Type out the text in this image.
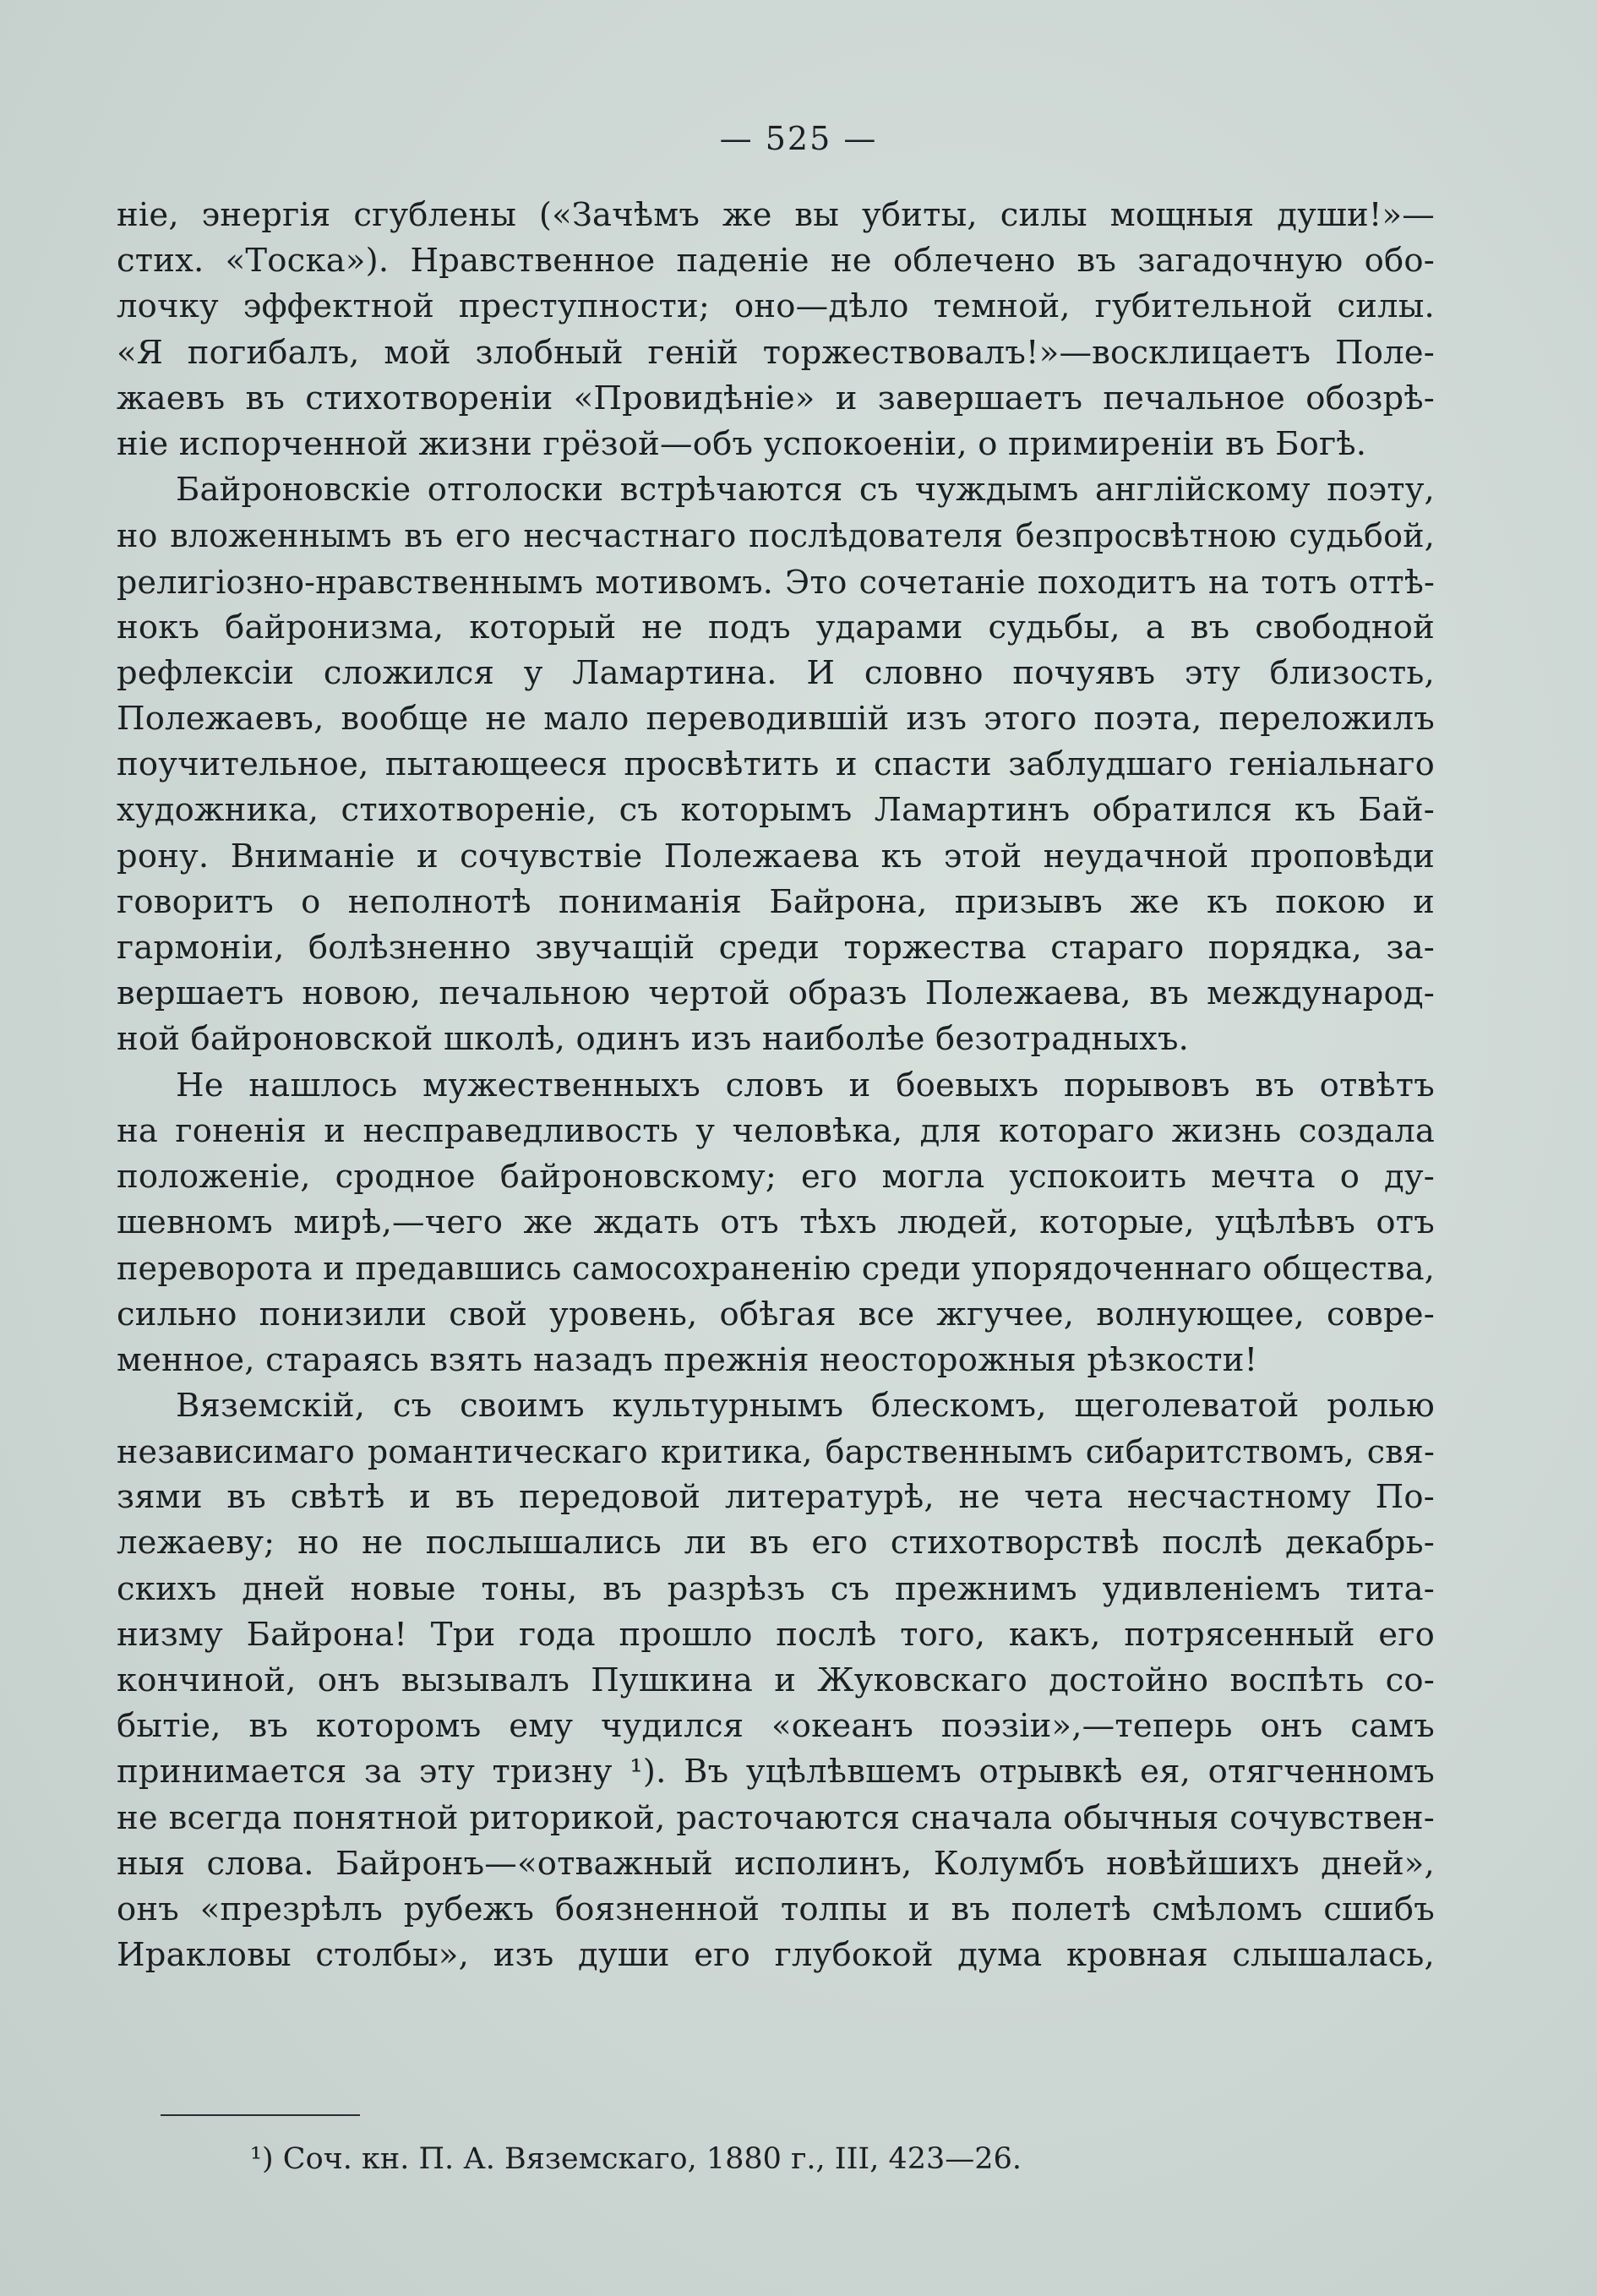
— 525 —
ніе, энергія сгублены («Зачѣмъ же вы убиты, силы мощныя души!»—
стих. «Тоска»). Нравственное паденіе не облечено въ загадочную обо-
лочку эффектной преступности; оно—дѣло темной, губительной силы.
«Я погибалъ, мой злобный геній торжествовалъ!»—восклицаетъ Поле-
жаевъ въ стихотвореніи «Провидѣніе» и завершаетъ печальное обозрѣ-
ніе испорченной жизни грёзой—объ успокоеніи, о примиреніи въ Богѣ.
Байроновскіе отголоски встрѣчаются съ чуждымъ англійскому поэту,
но вложеннымъ въ его несчастнаго послѣдователя безпросвѣтною судьбой,
религіозно-нравственнымъ мотивомъ. Это сочетаніе походитъ на тотъ оттѣ-
нокъ байронизма, который не подъ ударами судьбы, а въ свободной
рефлексіи сложился у Ламартина. И словно почуявъ эту близость,
Полежаевъ, вообще не мало переводившій изъ этого поэта, переложилъ
поучительное, пытающееся просвѣтить и спасти заблудшаго геніальнаго
художника, стихотвореніе, съ которымъ Ламартинъ обратился къ Бай-
рону. Вниманіе и сочувствіе Полежаева къ этой неудачной проповѣди
говоритъ о неполнотѣ пониманія Байрона, призывъ же къ покою и
гармоніи, болѣзненно звучащій среди торжества стараго порядка, за-
вершаетъ новою, печальною чертой образъ Полежаева, въ международ-
ной байроновской школѣ, одинъ изъ наиболѣе безотрадныхъ.
Не нашлось мужественныхъ словъ и боевыхъ порывовъ въ отвѣтъ
на гоненія и несправедливость у человѣка, для котораго жизнь создала
положеніе, сродное байроновскому; его могла успокоить мечта о ду-
шевномъ мирѣ,—чего же ждать отъ тѣхъ людей, которые, уцѣлѣвъ отъ
переворота и предавшись самосохраненію среди упорядоченнаго общества,
сильно понизили свой уровень, обѣгая все жгучее, волнующее, совре-
менное, стараясь взять назадъ прежнія неосторожныя рѣзкости!
Вяземскій, съ своимъ культурнымъ блескомъ, щеголеватой ролью
независимаго романтическаго критика, барственнымъ сибаритствомъ, свя-
зями въ свѣтѣ и въ передовой литературѣ, не чета несчастному По-
лежаеву; но не послышались ли въ его стихотворствѣ послѣ декабрь-
скихъ дней новые тоны, въ разрѣзъ съ прежнимъ удивленіемъ тита-
низму Байрона! Три года прошло послѣ того, какъ, потрясенный его
кончиной, онъ вызывалъ Пушкина и Жуковскаго достойно воспѣть со-
бытіе, въ которомъ ему чудился «океанъ поэзіи»,—теперь онъ самъ
принимается за эту тризну ¹). Въ уцѣлѣвшемъ отрывкѣ ея, отягченномъ
не всегда понятной риторикой, расточаются сначала обычныя сочувствен-
ныя слова. Байронъ—«отважный исполинъ, Колумбъ новѣйшихъ дней»,
онъ «презрѣлъ рубежъ боязненной толпы и въ полетѣ смѣломъ сшибъ
Иракловы столбы», изъ души его глубокой дума кровная слышалась,
¹) Соч. кн. П. А. Вяземскаго, 1880 г., III, 423—26.
